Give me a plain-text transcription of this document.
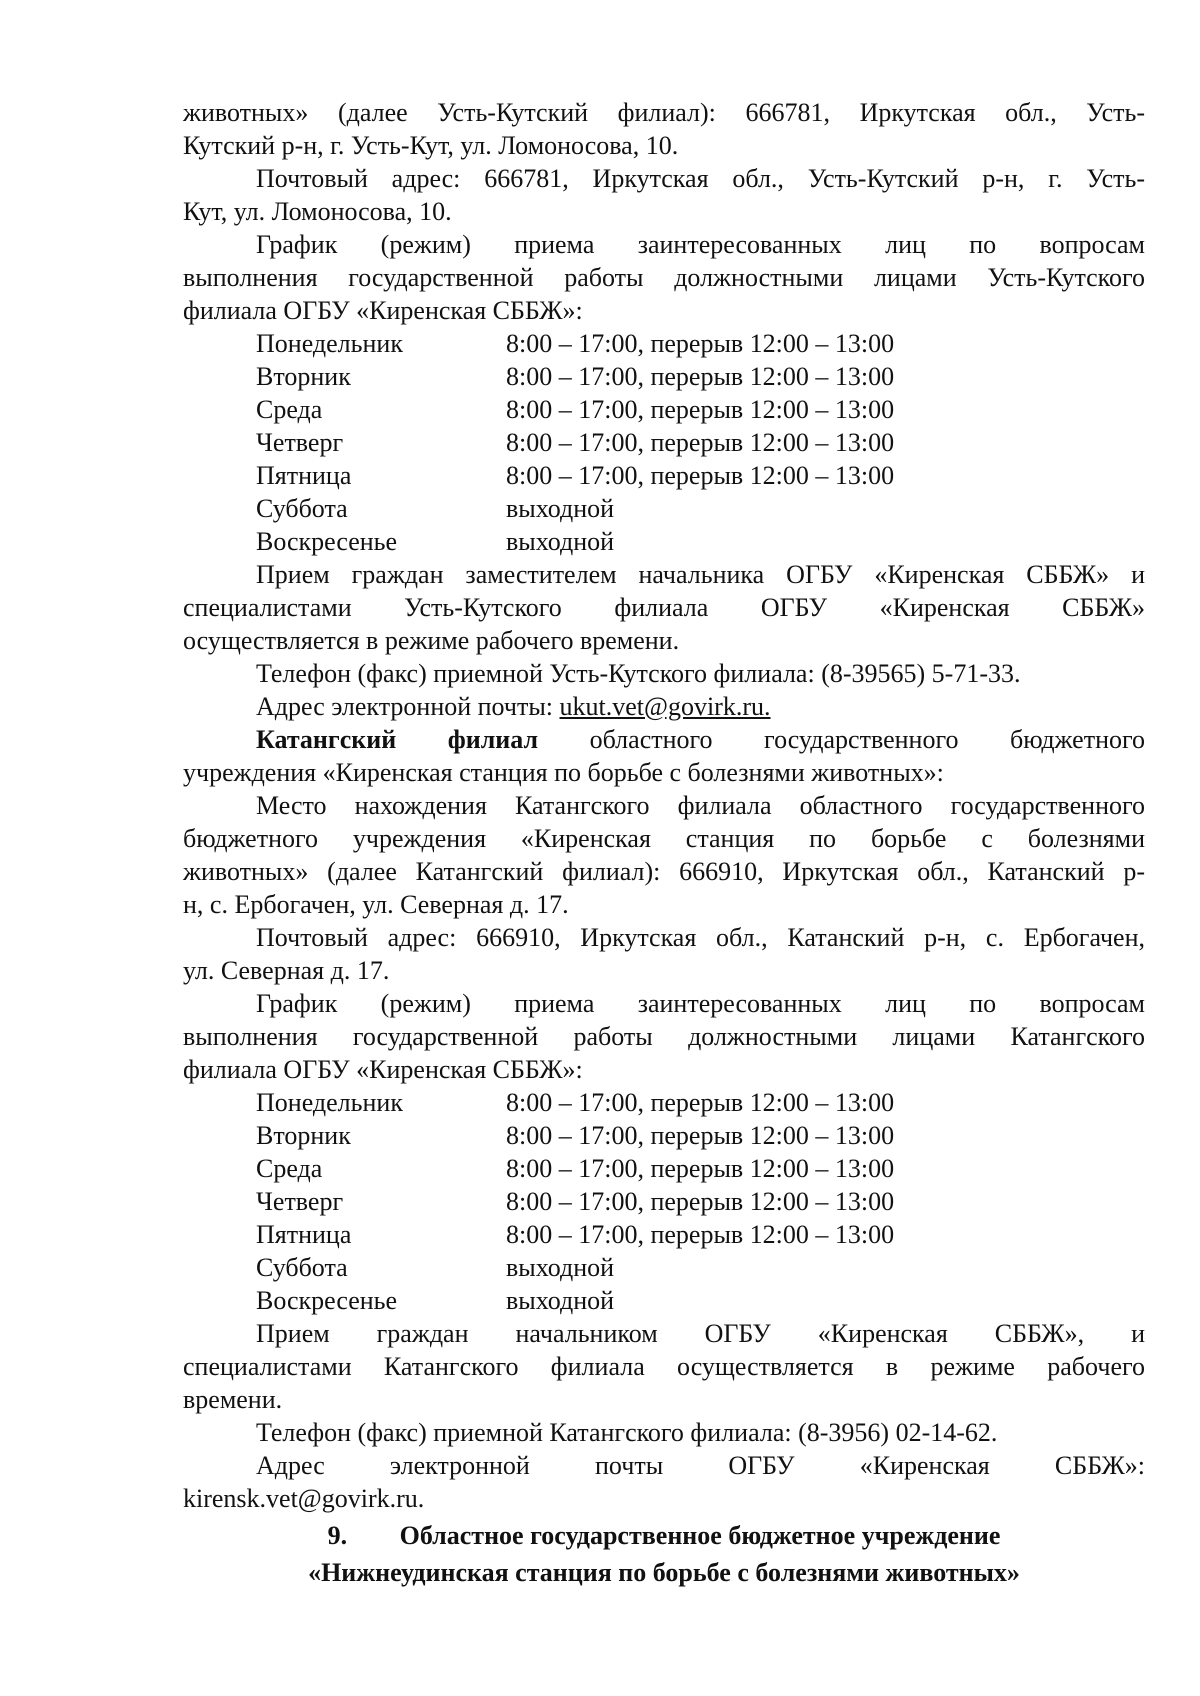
животных» (далее Усть-Кутский филиал): 666781, Иркутская обл., Усть-

Кутский р-н, г. Усть-Кут, ул. Ломоносова, 10.

Почтовый адрес: 666781, Иркутская обл., Усть-Кутский р-н, г. Усть-

Кут, ул. Ломоносова, 10.

График (режим) приема заинтересованных лиц по вопросам

выполнения государственной работы должностными лицами Усть-Кутского

филиала ОГБУ «Киренская СББЖ»:

Понедельник	8:00 – 17:00, перерыв 12:00 – 13:00
Вторник	8:00 – 17:00, перерыв 12:00 – 13:00
Среда	8:00 – 17:00, перерыв 12:00 – 13:00
Четверг	8:00 – 17:00, перерыв 12:00 – 13:00
Пятница	8:00 – 17:00, перерыв 12:00 – 13:00
Суббота	выходной
Воскресенье	выходной

Прием граждан заместителем начальника ОГБУ «Киренская СББЖ» и

специалистами Усть-Кутского филиала ОГБУ «Киренская СББЖ»

осуществляется в режиме рабочего времени.

Телефон (факс) приемной Усть-Кутского филиала: (8-39565) 5-71-33.

Адрес электронной почты: ukut.vet@govirk.ru.

Катангский филиал областного государственного бюджетного

учреждения «Киренская станция по борьбе с болезнями животных»:

Место нахождения Катангского филиала областного государственного

бюджетного учреждения «Киренская станция по борьбе с болезнями

животных» (далее Катангский филиал): 666910, Иркутская обл., Катанский р-

н, с. Ербогачен, ул. Северная д. 17.

Почтовый адрес: 666910, Иркутская обл., Катанский р-н, с. Ербогачен,

ул. Северная д. 17.

График (режим) приема заинтересованных лиц по вопросам

выполнения государственной работы должностными лицами Катангского

филиала ОГБУ «Киренская СББЖ»:

Понедельник	8:00 – 17:00, перерыв 12:00 – 13:00
Вторник	8:00 – 17:00, перерыв 12:00 – 13:00
Среда	8:00 – 17:00, перерыв 12:00 – 13:00
Четверг	8:00 – 17:00, перерыв 12:00 – 13:00
Пятница	8:00 – 17:00, перерыв 12:00 – 13:00
Суббота	выходной
Воскресенье	выходной

Прием граждан начальником ОГБУ «Киренская СББЖ», и

специалистами Катангского филиала осуществляется в режиме рабочего

времени.

Телефон (факс) приемной Катангского филиала: (8-3956) 02-14-62.

Адрес электронной почты ОГБУ «Киренская СББЖ»:

kirensk.vet@govirk.ru.

9. Областное государственное бюджетное учреждение
«Нижнеудинская станция по борьбе с болезнями животных»
